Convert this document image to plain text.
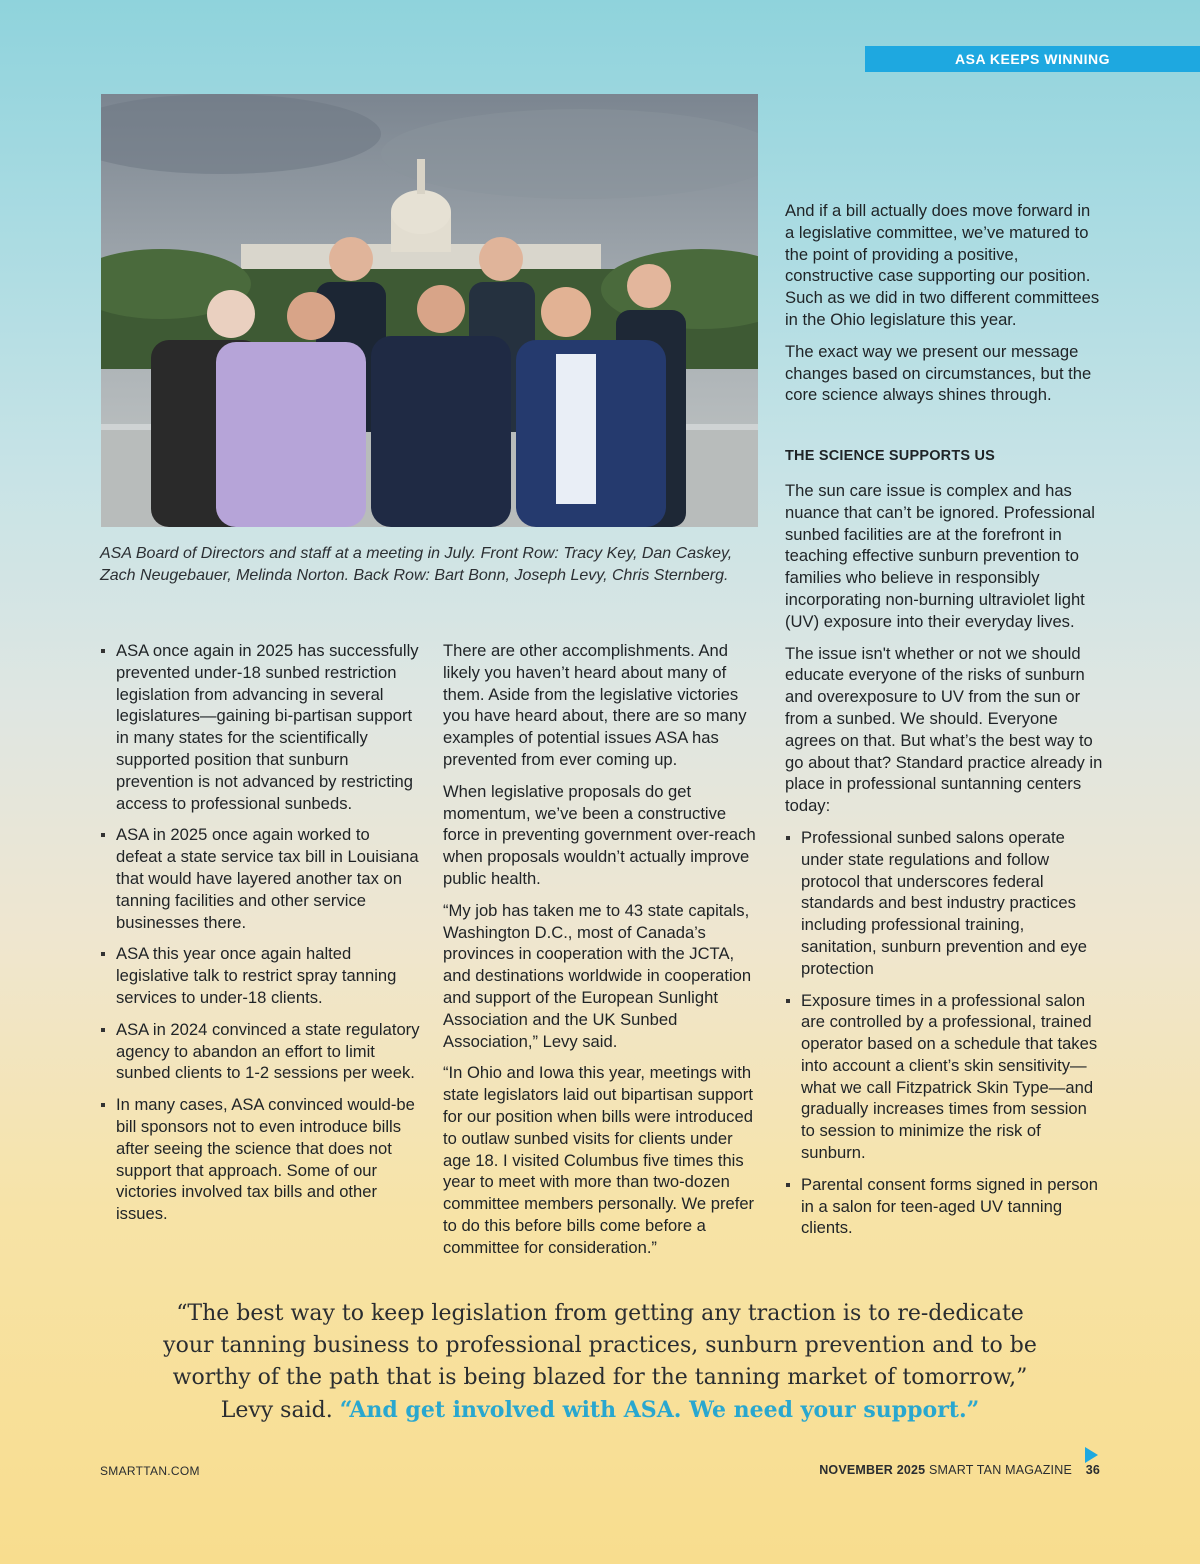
ASA KEEPS WINNING
ASA Board of Directors and staff at a meeting in July. Front Row: Tracy Key, Dan Caskey, Zach Neugebauer, Melinda Norton. Back Row: Bart Bonn, Joseph Levy, Chris Sternberg.
ASA once again in 2025 has successfully prevented under-18 sunbed restriction legislation from advancing in several legislatures—gaining bi-partisan support in many states for the scientifically supported position that sunburn prevention is not advanced by restricting access to professional sunbeds.
ASA in 2025 once again worked to defeat a state service tax bill in Louisiana that would have layered another tax on tanning facilities and other service businesses there.
ASA this year once again halted legislative talk to restrict spray tanning services to under-18 clients.
ASA in 2024 convinced a state regulatory agency to abandon an effort to limit sunbed clients to 1-2 sessions per week.
In many cases, ASA convinced would-be bill sponsors not to even introduce bills after seeing the science that does not support that approach. Some of our victories involved tax bills and other issues.

There are other accomplishments. And likely you haven’t heard about many of them. Aside from the legislative victories you have heard about, there are so many examples of potential issues ASA has prevented from ever coming up.

When legislative proposals do get momentum, we’ve been a constructive force in preventing government over-reach when proposals wouldn’t actually improve public health.

“My job has taken me to 43 state capitals, Washington D.C., most of Canada’s provinces in cooperation with the JCTA, and destinations worldwide in cooperation and support of the European Sunlight Association and the UK Sunbed Association,” Levy said.

“In Ohio and Iowa this year, meetings with state legislators laid out bipartisan support for our position when bills were introduced to outlaw sunbed visits for clients under age 18. I visited Columbus five times this year to meet with more than two-dozen committee members personally. We prefer to do this before bills come before a committee for consideration.”

And if a bill actually does move forward in a legislative committee, we’ve matured to the point of providing a positive, constructive case supporting our position. Such as we did in two different committees in the Ohio legislature this year.

The exact way we present our message changes based on circumstances, but the core science always shines through.

THE SCIENCE SUPPORTS US

The sun care issue is complex and has nuance that can’t be ignored. Professional sunbed facilities are at the forefront in teaching effective sunburn prevention to families who believe in responsibly incorporating non-burning ultraviolet light (UV) exposure into their everyday lives.

The issue isn't whether or not we should educate everyone of the risks of sunburn and overexposure to UV from the sun or from a sunbed. We should. Everyone agrees on that. But what’s the best way to go about that? Standard practice already in place in professional suntanning centers today:

Professional sunbed salons operate under state regulations and follow protocol that underscores federal standards and best industry practices including professional training, sanitation, sunburn prevention and eye protection
Exposure times in a professional salon are controlled by a professional, trained operator based on a schedule that takes into account a client’s skin sensitivity—what we call Fitzpatrick Skin Type—and gradually increases times from session to session to minimize the risk of sunburn.
Parental consent forms signed in person in a salon for teen-aged UV tanning clients.
“The best way to keep legislation from getting any traction is to re-dedicate your tanning business to professional practices, sunburn prevention and to be worthy of the path that is being blazed for the tanning market of tomorrow,” Levy said. “And get involved with ASA. We need your support.”
SMARTTAN.COM	NOVEMBER 2025 SMART TAN MAGAZINE 36
